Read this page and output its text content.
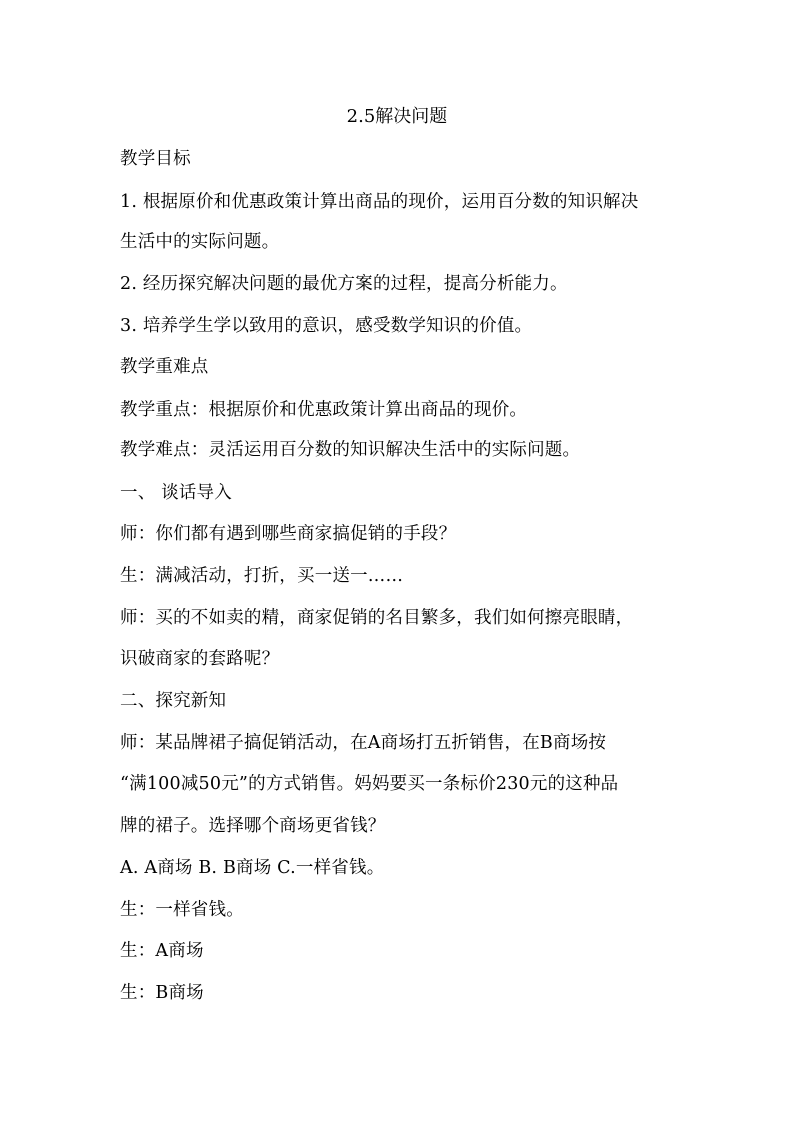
2.5解决问题
教学目标
1. 根据原价和优惠政策计算出商品的现价，运用百分数的知识解决
生活中的实际问题。
2. 经历探究解决问题的最优方案的过程，提高分析能力。
3. 培养学生学以致用的意识，感受数学知识的价值。
教学重难点
教学重点：根据原价和优惠政策计算出商品的现价。
教学难点：灵活运用百分数的知识解决生活中的实际问题。
一、 谈话导入
师：你们都有遇到哪些商家搞促销的手段？
生：满减活动，打折，买一送一……
师：买的不如卖的精，商家促销的名目繁多，我们如何擦亮眼睛，
识破商家的套路呢？
二、探究新知
师：某品牌裙子搞促销活动，在A商场打五折销售，在B商场按
“满100减50元”的方式销售。妈妈要买一条标价230元的这种品
牌的裙子。选择哪个商场更省钱？
A. A商场 B. B商场 C.一样省钱。
生：一样省钱。
生：A商场
生：B商场
